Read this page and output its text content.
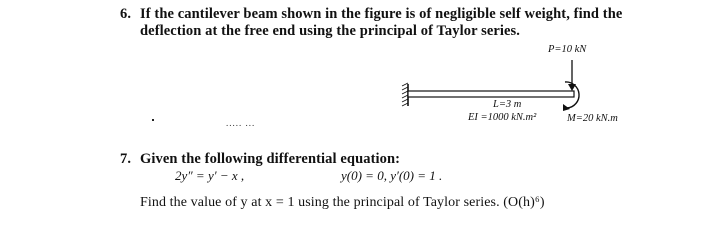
6. If the cantilever beam shown in the figure is of negligible self weight, find the
deflection at the free end using the principal of Taylor series.
P=10 kN
L=3 m
EI =1000 kN.m²	M=20 kN.m
..... ...
7. Given the following differential equation:
2y″ = y′ − x ,	y(0) = 0, y′(0) = 1 .
Find the value of y at x = 1 using the principal of Taylor series. (O(h)⁶)
